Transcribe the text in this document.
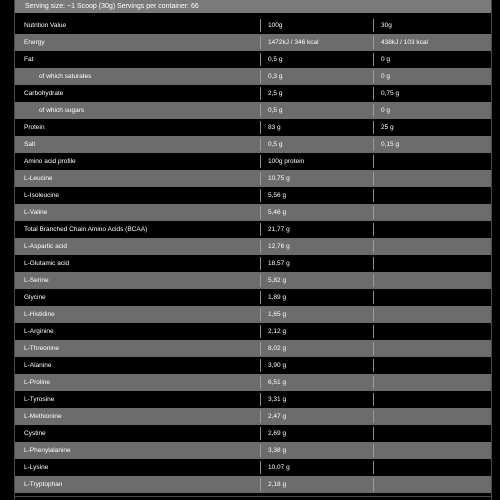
Serving size: ~1 Scoop (30g) Servings per container: 66
Nutrition Value	100g	30g
Energy	1472kJ / 346 kcal	438kJ / 103 kcal
Fat	0,5 g	0 g
of which saturates	0,3 g	0 g
Carbohydrate	2,5 g	0,75 g
of which sugars	0,5 g	0 g
Protein	83 g	25 g
Salt	0,5 g	0,15 g
Amino acid profile	100g protein
L-Leucine	10,75 g
L-Isoleucine	5,56 g
L-Valine	5,46 g
Total Branched Chain Amino Acids (BCAA)	21,77 g
L-Aspartic acid	12,76 g
L-Glutamic acid	18,57 g
L-Serine	5,82 g
Glycine	1,89 g
L-Histidine	1,65 g
L-Arginine	2,12 g
L-Threonine	8,02 g
L-Alanine	3,90 g
L-Proline	6,51 g
L-Tyrosine	3,31 g
L-Methionine	2,47 g
Cystine	2,69 g
L-Phenylalanine	3,38 g
L-Lysine	10,07 g
L-Tryptophan	2,18 g
